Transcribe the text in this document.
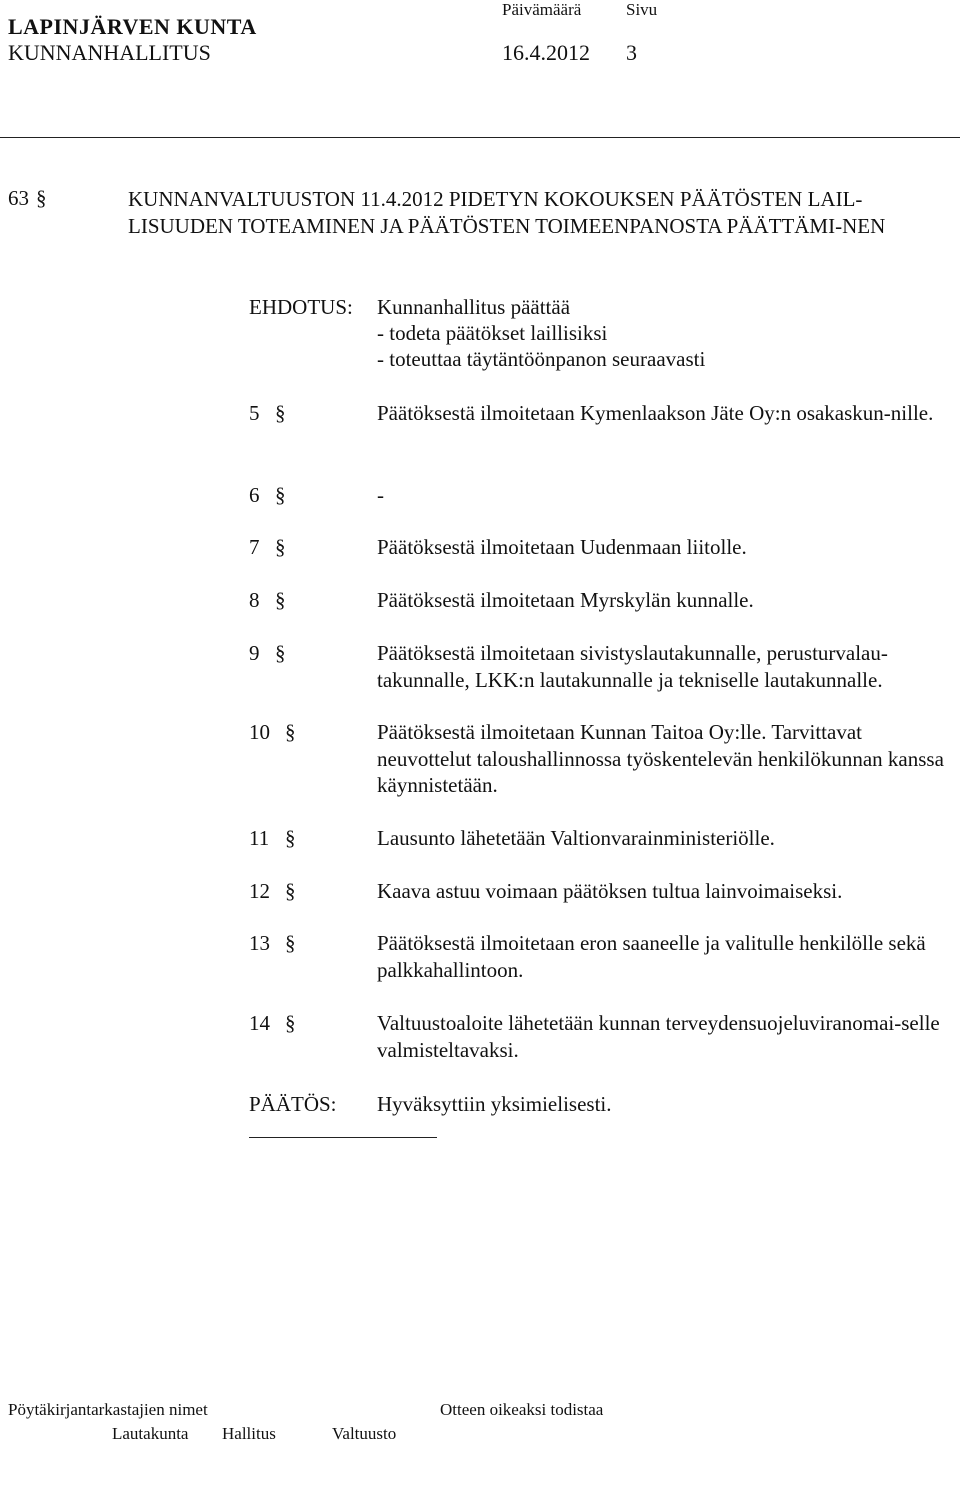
LAPINJÄRVEN KUNTA
KUNNANHALLITUS
Päivämäärä	Sivu
16.4.2012 3
63 §	KUNNANVALTUUSTON 11.4.2012 PIDETYN KOKOUKSEN PÄÄTÖSTEN LAIL-LISUUDEN TOTEAMINEN JA PÄÄTÖSTEN TOIMEENPANOSTA PÄÄTTÄMI-NEN
EHDOTUS: Kunnanhallitus päättää
- todeta päätökset laillisiksi
- toteuttaa täytäntöönpanon seuraavasti
5 §	Päätöksestä ilmoitetaan Kymenlaakson Jäte Oy:n osakaskun-nille.
6 §	-
7 §	Päätöksestä ilmoitetaan Uudenmaan liitolle.
8 §	Päätöksestä ilmoitetaan Myrskylän kunnalle.
9 §	Päätöksestä ilmoitetaan sivistyslautakunnalle, perusturvalau-takunnalle, LKK:n lautakunnalle ja tekniselle lautakunnalle.
10 §	Päätöksestä ilmoitetaan Kunnan Taitoa Oy:lle. Tarvittavat neuvottelut taloushallinnossa työskentelevän henkilökunnan kanssa käynnistetään.
11 §	Lausunto lähetetään Valtionvarainministeriölle.
12 §	Kaava astuu voimaan päätöksen tultua lainvoimaiseksi.
13 §	Päätöksestä ilmoitetaan eron saaneelle ja valitulle henkilölle sekä palkkahallintoon.
14 §	Valtuustoaloite lähetetään kunnan terveydensuojeluviranomai-selle valmisteltavaksi.
PÄÄTÖS: Hyväksyttiin yksimielisesti.
Pöytäkirjantarkastajien nimet	Otteen oikeaksi todistaa
Lautakunta Hallitus	Valtuusto
